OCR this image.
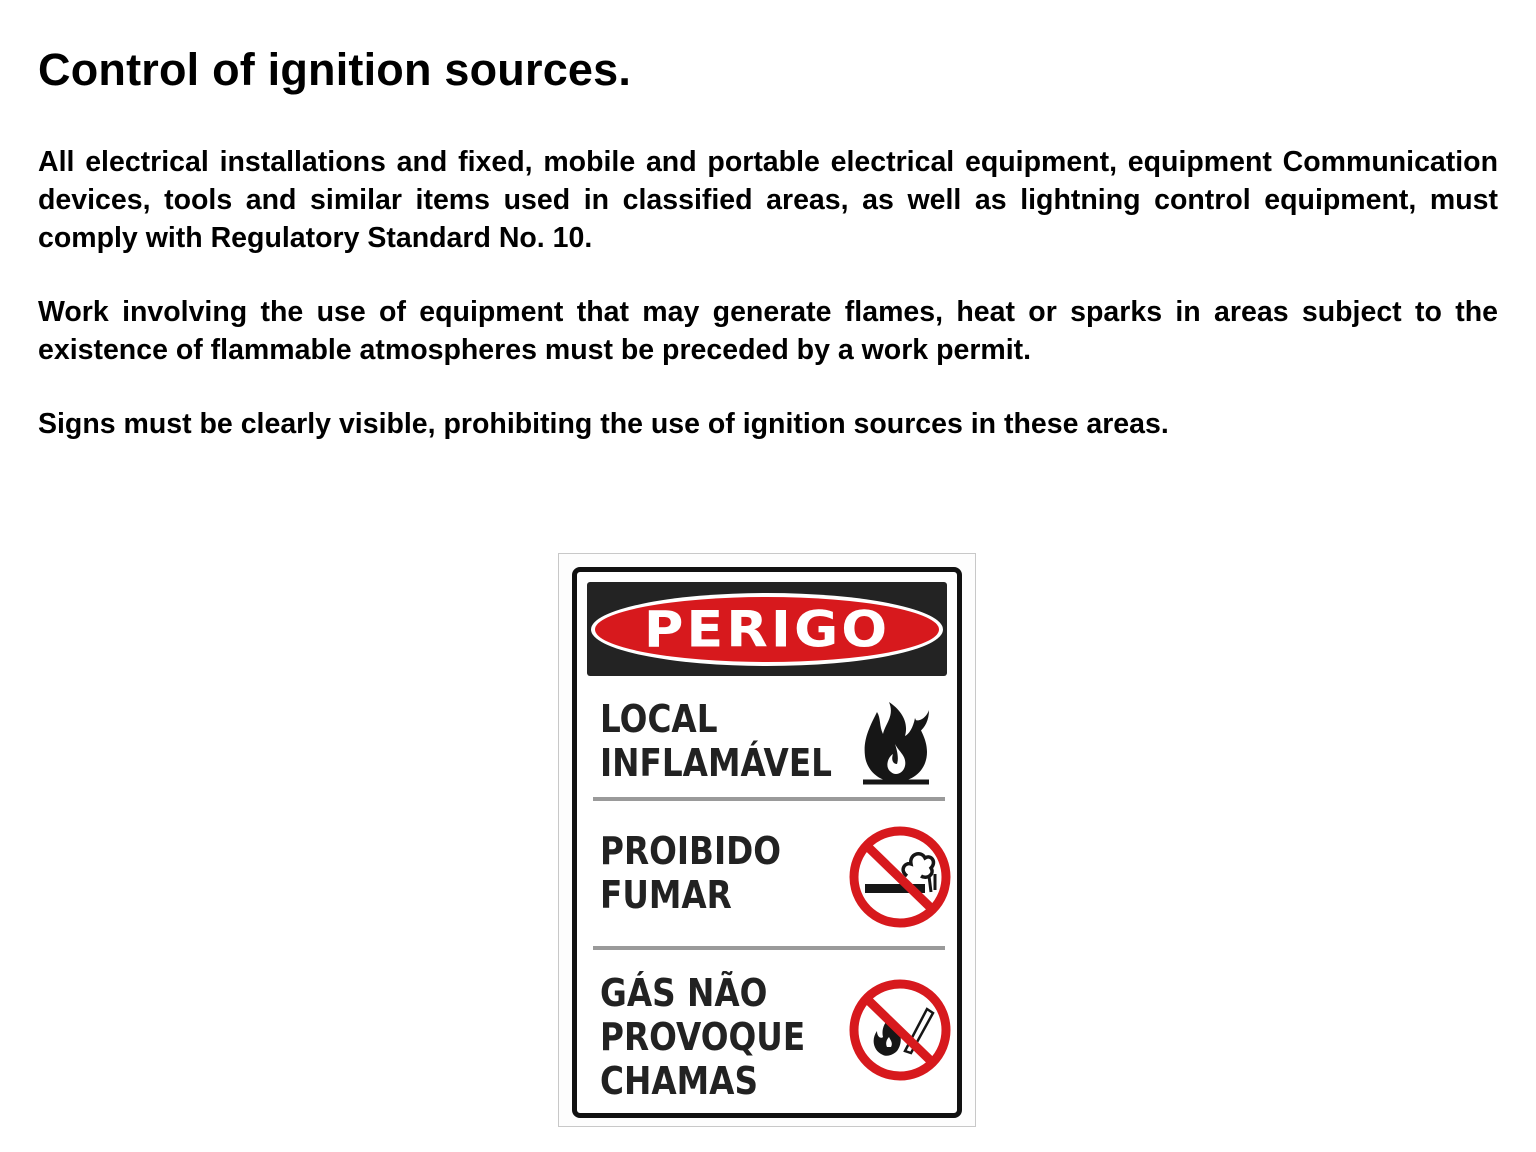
Control of ignition sources.

All electrical installations and fixed, mobile and portable electrical equipment, equipment Communication devices, tools and similar items used in classified areas, as well as lightning control equipment, must comply with Regulatory Standard No. 10.

Work involving the use of equipment that may generate flames, heat or sparks in areas subject to the existence of flammable atmospheres must be preceded by a work permit.

Signs must be clearly visible, prohibiting the use of ignition sources in these areas.

PERIGO

LOCAL
INFLAMÁVEL

PROIBIDO
FUMAR

GÁS NÃO
PROVOQUE
CHAMAS
